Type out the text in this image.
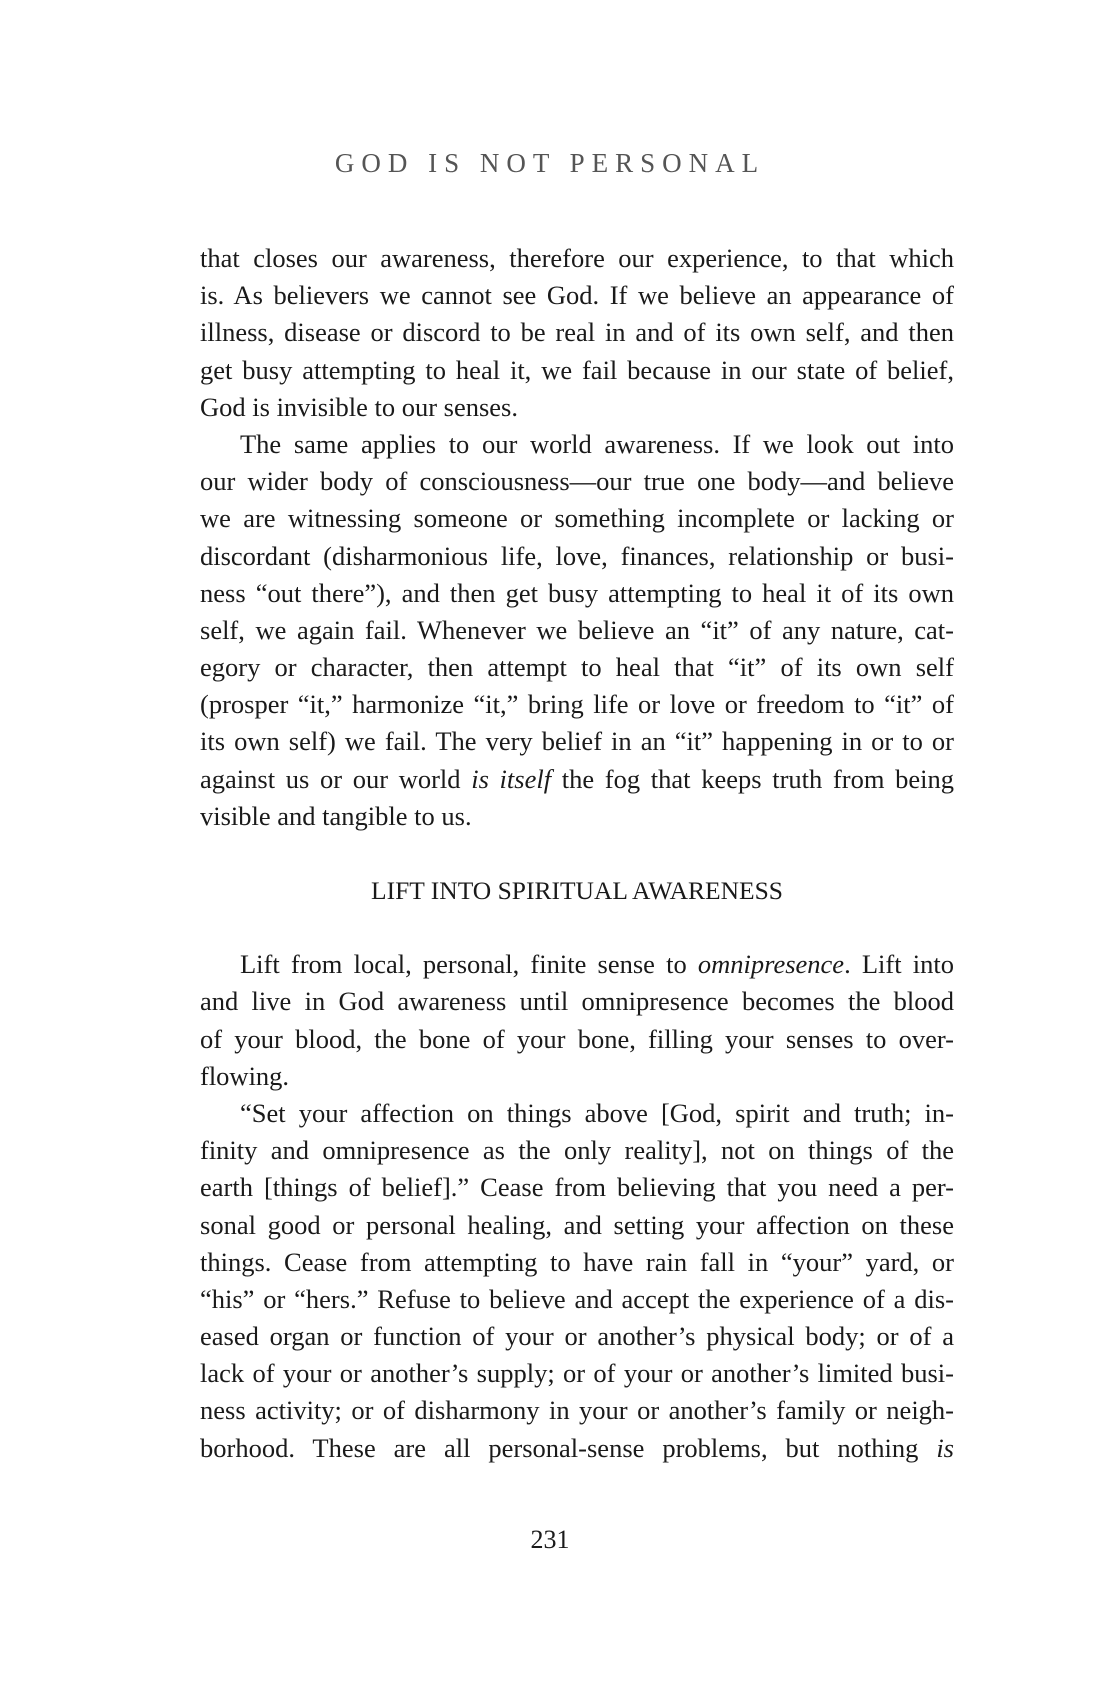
GOD IS NOT PERSONAL
that closes our awareness, therefore our experience, to that which
is. As believers we cannot see God. If we believe an appearance of
illness, disease or discord to be real in and of its own self, and then
get busy attempting to heal it, we fail because in our state of belief,
God is invisible to our senses.
The same applies to our world awareness. If we look out into
our wider body of consciousness—our true one body—and believe
we are witnessing someone or something incomplete or lacking or
discordant (disharmonious life, love, finances, relationship or busi-
ness “out there”), and then get busy attempting to heal it of its own
self, we again fail. Whenever we believe an “it” of any nature, cat-
egory or character, then attempt to heal that “it” of its own self
(prosper “it,” harmonize “it,” bring life or love or freedom to “it” of
its own self) we fail. The very belief in an “it” happening in or to or
against us or our world is itself the fog that keeps truth from being
visible and tangible to us.
LIFT INTO SPIRITUAL AWARENESS
Lift from local, personal, finite sense to omnipresence. Lift into
and live in God awareness until omnipresence becomes the blood
of your blood, the bone of your bone, filling your senses to over-
flowing.
“Set your affection on things above [God, spirit and truth; in-
finity and omnipresence as the only reality], not on things of the
earth [things of belief].” Cease from believing that you need a per-
sonal good or personal healing, and setting your affection on these
things. Cease from attempting to have rain fall in “your” yard, or
“his” or “hers.” Refuse to believe and accept the experience of a dis-
eased organ or function of your or another’s physical body; or of a
lack of your or another’s supply; or of your or another’s limited busi-
ness activity; or of disharmony in your or another’s family or neigh-
borhood. These are all personal-sense problems, but nothing is
231
